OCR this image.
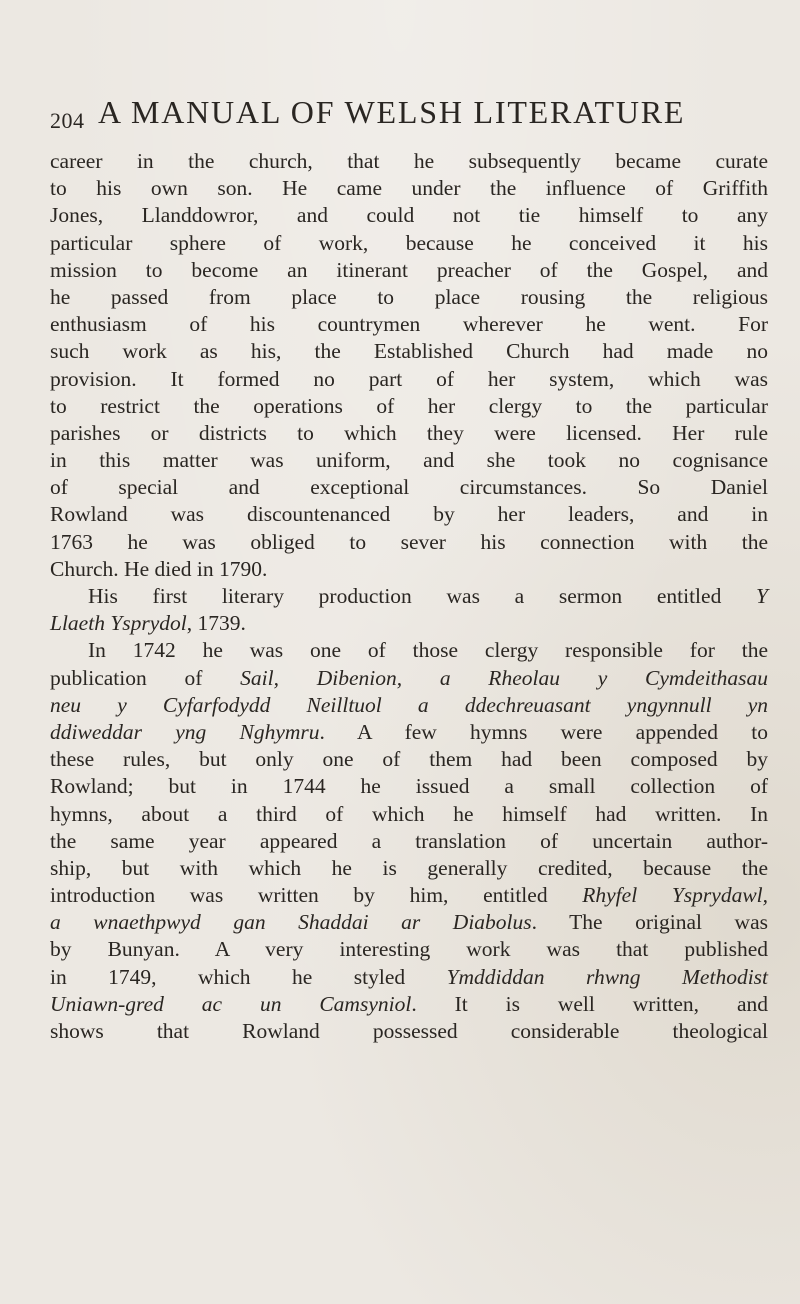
204 A MANUAL OF WELSH LITERATURE
career in the church, that he subsequently became curate
to his own son. He came under the influence of Griffith
Jones, Llanddowror, and could not tie himself to any
particular sphere of work, because he conceived it his
mission to become an itinerant preacher of the Gospel, and
he passed from place to place rousing the religious
enthusiasm of his countrymen wherever he went. For
such work as his, the Established Church had made no
provision. It formed no part of her system, which was
to restrict the operations of her clergy to the particular
parishes or districts to which they were licensed. Her rule
in this matter was uniform, and she took no cognisance
of special and exceptional circumstances. So Daniel
Rowland was discountenanced by her leaders, and in
1763 he was obliged to sever his connection with the
Church. He died in 1790.
His first literary production was a sermon entitled Y
Llaeth Ysprydol, 1739.
In 1742 he was one of those clergy responsible for the
publication of Sail, Dibenion, a Rheolau y Cymdeithasau
neu y Cyfarfodydd Neilltuol a ddechreuasant yngynnull yn
ddiweddar yng Nghymru. A few hymns were appended to
these rules, but only one of them had been composed by
Rowland; but in 1744 he issued a small collection of
hymns, about a third of which he himself had written. In
the same year appeared a translation of uncertain author-
ship, but with which he is generally credited, because the
introduction was written by him, entitled Rhyfel Ysprydawl,
a wnaethpwyd gan Shaddai ar Diabolus. The original was
by Bunyan. A very interesting work was that published
in 1749, which he styled Ymddiddan rhwng Methodist
Uniawn-gred ac un Camsyniol. It is well written, and
shows that Rowland possessed considerable theological
